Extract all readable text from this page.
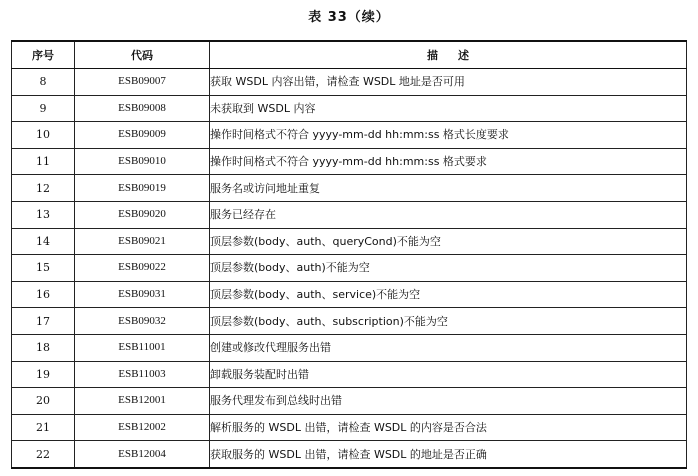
表 33（续）
序号	代码	描述
8	ESB09007	获取 WSDL 内容出错，请检查 WSDL 地址是否可用
9	ESB09008	未获取到 WSDL 内容
10	ESB09009	操作时间格式不符合 yyyy-mm-dd hh:mm:ss 格式长度要求
11	ESB09010	操作时间格式不符合 yyyy-mm-dd hh:mm:ss 格式要求
12	ESB09019	服务名或访问地址重复
13	ESB09020	服务已经存在
14	ESB09021	顶层参数(body、auth、queryCond)不能为空
15	ESB09022	顶层参数(body、auth)不能为空
16	ESB09031	顶层参数(body、auth、service)不能为空
17	ESB09032	顶层参数(body、auth、subscription)不能为空
18	ESB11001	创建或修改代理服务出错
19	ESB11003	卸载服务装配时出错
20	ESB12001	服务代理发布到总线时出错
21	ESB12002	解析服务的 WSDL 出错，请检查 WSDL 的内容是否合法
22	ESB12004	获取服务的 WSDL 出错，请检查 WSDL 的地址是否正确
